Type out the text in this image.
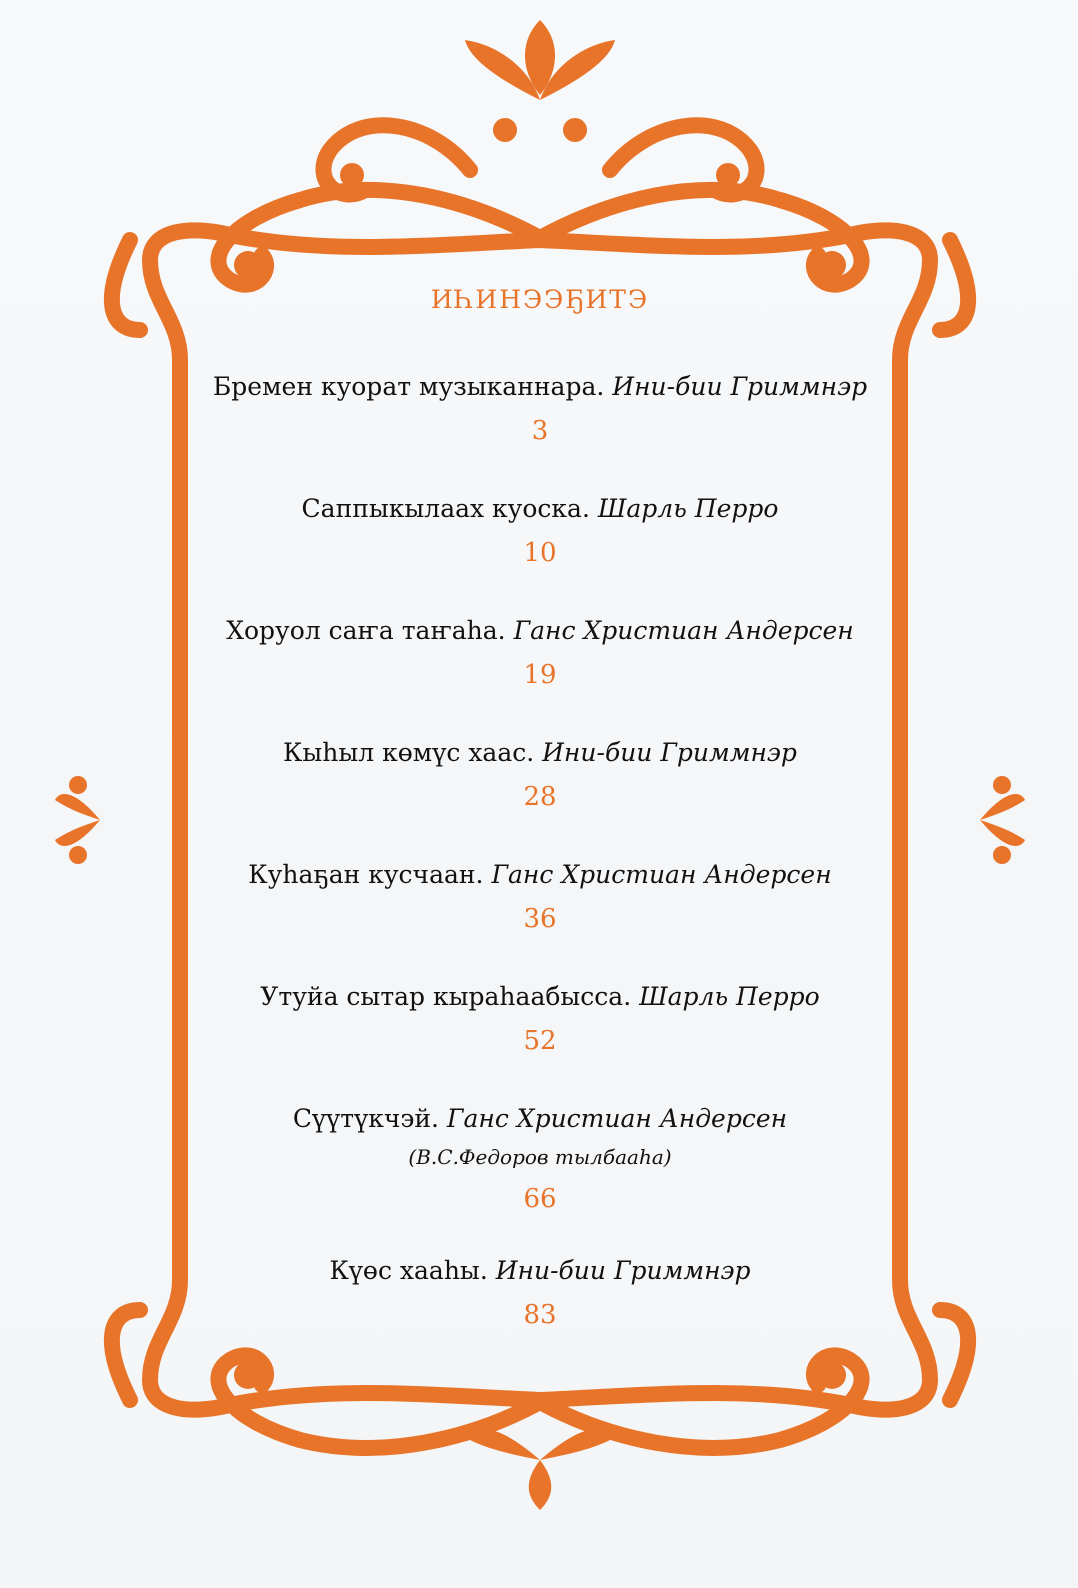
ИҺИНЭЭҔИТЭ
Бремен куорат музыканнара. Ини-бии Гриммнэр
3
Саппыкылаах куоска. Шарль Перро
10
Хоруол саҥа таҥаһа. Ганс Христиан Андерсен
19
Кыһыл көмүс хаас. Ини-бии Гриммнэр
28
Куһаҕан кусчаан. Ганс Христиан Андерсен
36
Утуйа сытар кыраһаабысса. Шарль Перро
52
Сүүтүкчэй. Ганс Христиан Андерсен
(В.С.Федоров тылбааһа)
66
Күөс хааһы. Ини-бии Гриммнэр
83
